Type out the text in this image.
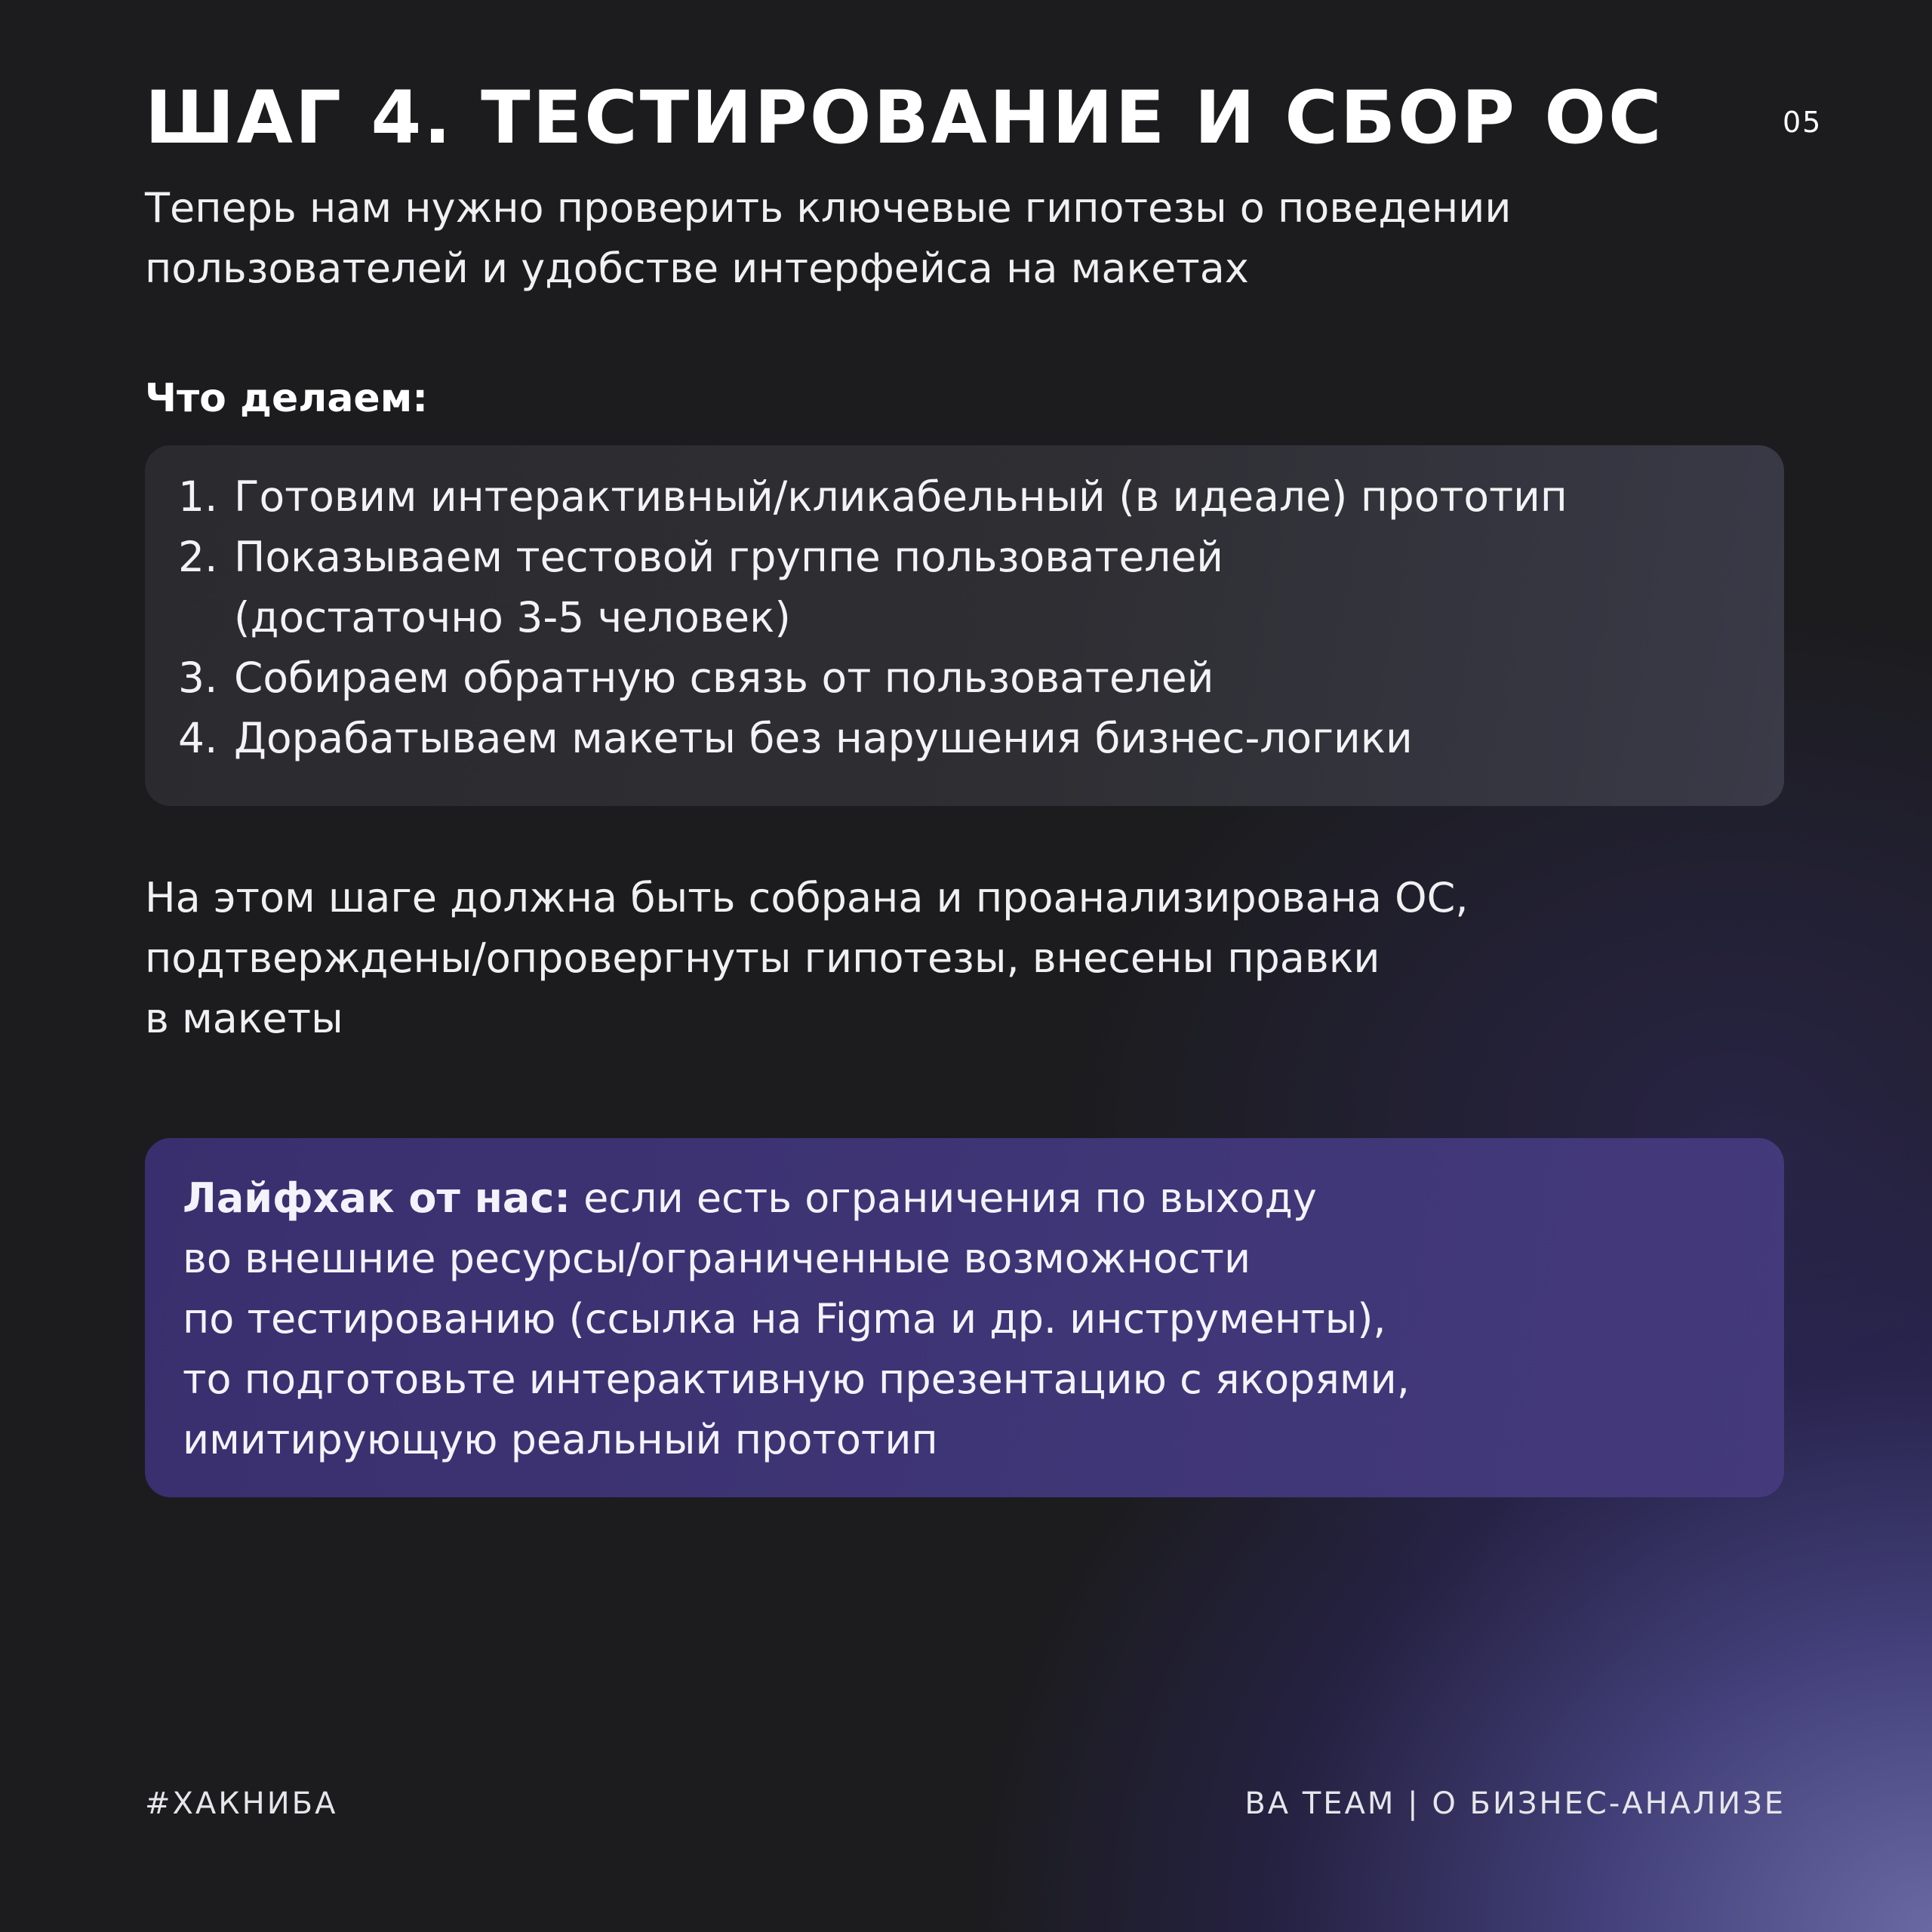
ШАГ 4. ТЕСТИРОВАНИЕ И СБОР ОС	05
Теперь нам нужно проверить ключевые гипотезы о поведении
пользователей и удобстве интерфейса на макетах
Что делаем:
1. Готовим интерактивный/кликабельный (в идеале) прототип
2. Показываем тестовой группе пользователей
(достаточно 3-5 человек)
3. Собираем обратную связь от пользователей
4. Дорабатываем макеты без нарушения бизнес-логики
На этом шаге должна быть собрана и проанализирована ОС,
подтверждены/опровергнуты гипотезы, внесены правки
в макеты
Лайфхак от нас: если есть ограничения по выходу
во внешние ресурсы/ограниченные возможности
по тестированию (ссылка на Figma и др. инструменты),
то подготовьте интерактивную презентацию с якорями,
имитирующую реальный прототип
#ХАКНИБА	BA TEAM | О БИЗНЕС-АНАЛИЗЕ
